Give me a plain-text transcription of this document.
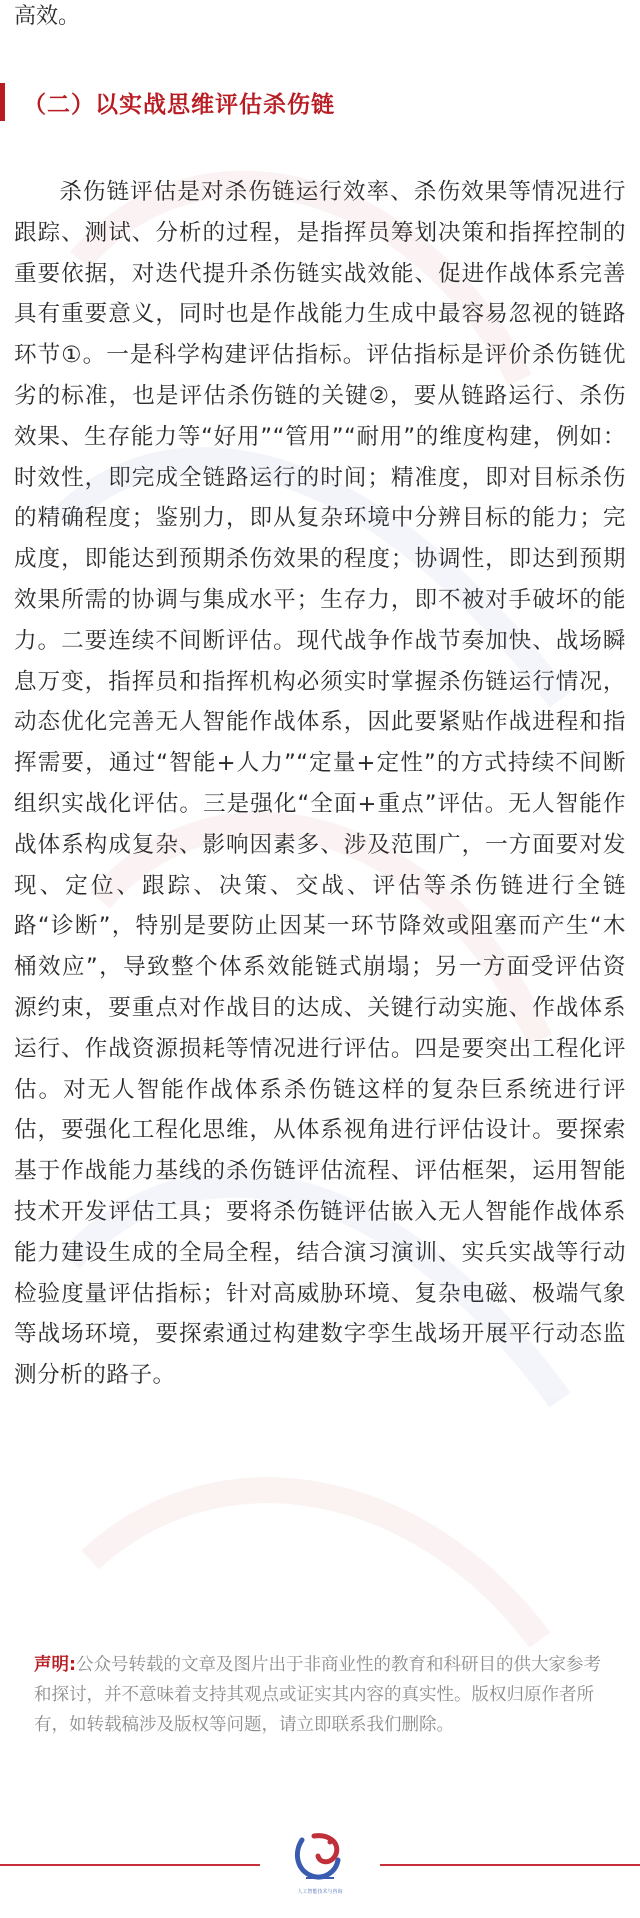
高效。
（二）以实战思维评估杀伤链

杀伤链评估是对杀伤链运行效率、杀伤效果等情况进行跟踪、测试、分析的过程，是指挥员筹划决策和指挥控制的重要依据，对迭代提升杀伤链实战效能、促进作战体系完善具有重要意义，同时也是作战能力生成中最容易忽视的链路环节①。一是科学构建评估指标。评估指标是评价杀伤链优劣的标准，也是评估杀伤链的关键②，要从链路运行、杀伤效果、生存能力等“好用”“管用”“耐用”的维度构建，例如：时效性，即完成全链路运行的时间；精准度，即对目标杀伤的精确程度；鉴别力，即从复杂环境中分辨目标的能力；完成度，即能达到预期杀伤效果的程度；协调性，即达到预期效果所需的协调与集成水平；生存力，即不被对手破坏的能力。二要连续不间断评估。现代战争作战节奏加快、战场瞬息万变，指挥员和指挥机构必须实时掌握杀伤链运行情况，动态优化完善无人智能作战体系，因此要紧贴作战进程和指挥需要，通过“智能+人力”“定量+定性”的方式持续不间断组织实战化评估。三是强化“全面+重点”评估。无人智能作战体系构成复杂、影响因素多、涉及范围广，一方面要对发现、定位、跟踪、决策、交战、评估等杀伤链进行全链路“诊断”，特别是要防止因某一环节降效或阻塞而产生“木桶效应”，导致整个体系效能链式崩塌；另一方面受评估资源约束，要重点对作战目的达成、关键行动实施、作战体系运行、作战资源损耗等情况进行评估。四是要突出工程化评估。对无人智能作战体系杀伤链这样的复杂巨系统进行评估，要强化工程化思维，从体系视角进行评估设计。要探索基于作战能力基线的杀伤链评估流程、评估框架，运用智能技术开发评估工具；要将杀伤链评估嵌入无人智能作战体系能力建设生成的全局全程，结合演习演训、实兵实战等行动检验度量评估指标；针对高威胁环境、复杂电磁、极端气象等战场环境，要探索通过构建数字孪生战场开展平行动态监测分析的路子。

声明:公众号转载的文章及图片出于非商业性的教育和科研目的供大家参考和探讨，并不意味着支持其观点或证实其内容的真实性。版权归原作者所有，如转载稿涉及版权等问题，请立即联系我们删除。

人工智能技术与咨询
